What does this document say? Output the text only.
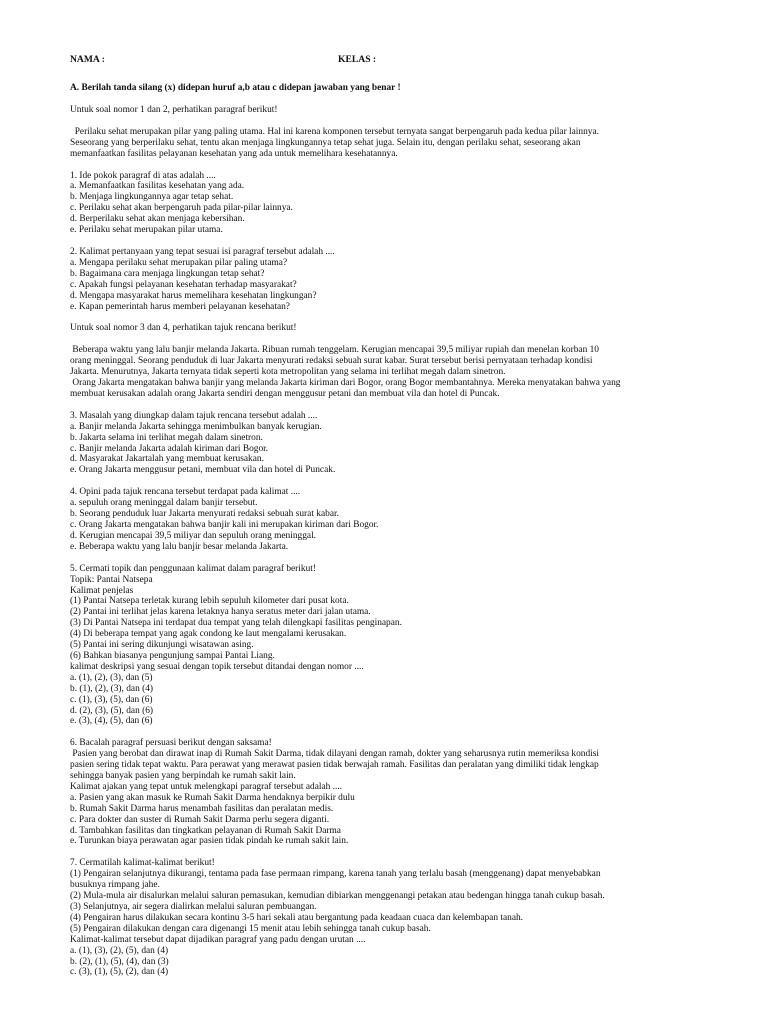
NAMA :	KELAS :
A. Berilah tanda silang (x) didepan huruf a,b atau c didepan jawaban yang benar !
Untuk soal nomor 1 dan 2, perhatikan paragraf berikut!
Perilaku sehat merupakan pilar yang paling utama. Hal ini karena komponen tersebut ternyata sangat berpengaruh pada kedua pilar lainnya.
Seseorang yang berperilaku sehat, tentu akan menjaga lingkungannya tetap sehat juga. Selain itu, dengan perilaku sehat, seseorang akan
memanfaatkan fasilitas pelayanan kesehatan yang ada untuk memelihara kesehatannya.
1. Ide pokok paragraf di atas adalah ....
a. Memanfaatkan fasilitas kesehatan yang ada.
b. Menjaga lingkungannya agar tetap sehat.
c. Perilaku sehat akan berpengaruh pada pilar-pilar lainnya.
d. Berperilaku sehat akan menjaga kebersihan.
e. Perilaku sehat merupakan pilar utama.
2. Kalimat pertanyaan yang tepat sesuai isi paragraf tersebut adalah ....
a. Mengapa perilaku sehat merupakan pilar paling utama?
b. Bagaimana cara menjaga lingkungan tetap sehat?
c. Apakah fungsi pelayanan kesehatan terhadap masyarakat?
d. Mengapa masyarakat harus memelihara kesehatan lingkungan?
e. Kapan pemerintah harus memberi pelayanan kesehatan?
Untuk soal nomor 3 dan 4, perhatikan tajuk rencana berikut!
Beberapa waktu yang lalu banjir melanda Jakarta. Ribuan rumah tenggelam. Kerugian mencapai 39,5 miliyar rupiah dan menelan korban 10
orang meninggal. Seorang penduduk di luar Jakarta menyurati redaksi sebuah surat kabar. Surat tersebut berisi pernyataan terhadap kondisi
Jakarta. Menurutnya, Jakarta ternyata tidak seperti kota metropolitan yang selama ini terlihat megah dalam sinetron.
Orang Jakarta mengatakan bahwa banjir yang melanda Jakarta kiriman dari Bogor, orang Bogor membantahnya. Mereka menyatakan bahwa yang
membuat kerusakan adalah orang Jakarta sendiri dengan menggusur petani dan membuat vila dan hotel di Puncak.
3. Masalah yang diungkap dalam tajuk rencana tersebut adalah ....
a. Banjir melanda Jakarta sehingga menimbulkan banyak kerugian.
b. Jakarta selama ini terlihat megah dalam sinetron.
c. Banjir melanda Jakarta adalah kiriman dari Bogor.
d. Masyarakat Jakartalah yang membuat kerusakan.
e. Orang Jakarta menggusur petani, membuat vila dan hotel di Puncak.
4. Opini pada tajuk rencana tersebut terdapat pada kalimat ....
a. sepuluh orang meninggal dalam banjir tersebut.
b. Seorang penduduk luar Jakarta menyurati redaksi sebuah surat kabar.
c. Orang Jakarta mengatakan bahwa banjir kali ini merupakan kiriman dari Bogor.
d. Kerugian mencapai 39,5 miliyar dan sepuluh orang meninggal.
e. Beberapa waktu yang lalu banjir besar melanda Jakarta.
5. Cermati topik dan penggunaan kalimat dalam paragraf berikut!
Topik: Pantai Natsepa
Kalimat penjelas
(1) Pantai Natsepa terletak kurang lebih sepuluh kilometer dari pusat kota.
(2) Pantai ini terlihat jelas karena letaknya hanya seratus meter dari jalan utama.
(3) Di Pantai Natsepa ini terdapat dua tempat yang telah dilengkapi fasilitas penginapan.
(4) Di beberapa tempat yang agak condong ke laut mengalami kerusakan.
(5) Pantai ini sering dikunjungi wisatawan asing.
(6) Bahkan biasanya pengunjung sampai Pantai Liang.
kalimat deskripsi yang sesuai dengan topik tersebut ditandai dengan nomor ....
a. (1), (2), (3), dan (5)
b. (1), (2), (3), dan (4)
c. (1), (3), (5), dan (6)
d. (2), (3), (5), dan (6)
e. (3), (4), (5), dan (6)
6. Bacalah paragraf persuasi berikut dengan saksama!
Pasien yang berobat dan dirawat inap di Rumah Sakit Darma, tidak dilayani dengan ramah, dokter yang seharusnya rutin memeriksa kondisi
pasien sering tidak tepat waktu. Para perawat yang merawat pasien tidak berwajah ramah. Fasilitas dan peralatan yang dimiliki tidak lengkap
sehingga banyak pasien yang berpindah ke rumah sakit lain.
Kalimat ajakan yang tepat untuk melengkapi paragraf tersebut adalah ....
a. Pasien yang akan masuk ke Rumah Sakit Darma hendaknya berpikir dulu
b. Rumah Sakit Darma harus menambah fasilitas dan peralatan medis.
c. Para dokter dan suster di Rumah Sakit Darma perlu segera diganti.
d. Tambahkan fasilitas dan tingkatkan pelayanan di Rumah Sakit Darma
e. Turunkan biaya perawatan agar pasien tidak pindah ke rumah sakit lain.
7. Cermatilah kalimat-kalimat berikut!
(1) Pengairan selanjutnya dikurangi, tentama pada fase permaan rimpang, karena tanah yang terlalu basah (menggenang) dapat menyebabkan
busuknya rimpang jahe.
(2) Mula-mula air disalurkan melalui saluran pemasukan, kemudian dibiarkan menggenangi petakan atau bedengan hingga tanah cukup basah.
(3) Selanjutnya, air segera dialirkan melalui saluran pembuangan.
(4) Pengairan harus dilakukan secara kontinu 3-5 hari sekali atau bergantung pada keadaan cuaca dan kelembapan tanah.
(5) Pengairan dilakukan dengan cara digenangi 15 menit atau lebih sehingga tanah cukup basah.
Kalimat-kalimat tersebut dapat dijadikan paragraf yang padu dengan urutan ....
a. (1), (3), (2), (5), dan (4)
b. (2), (1), (5), (4), dan (3)
c. (3), (1), (5), (2), dan (4)
